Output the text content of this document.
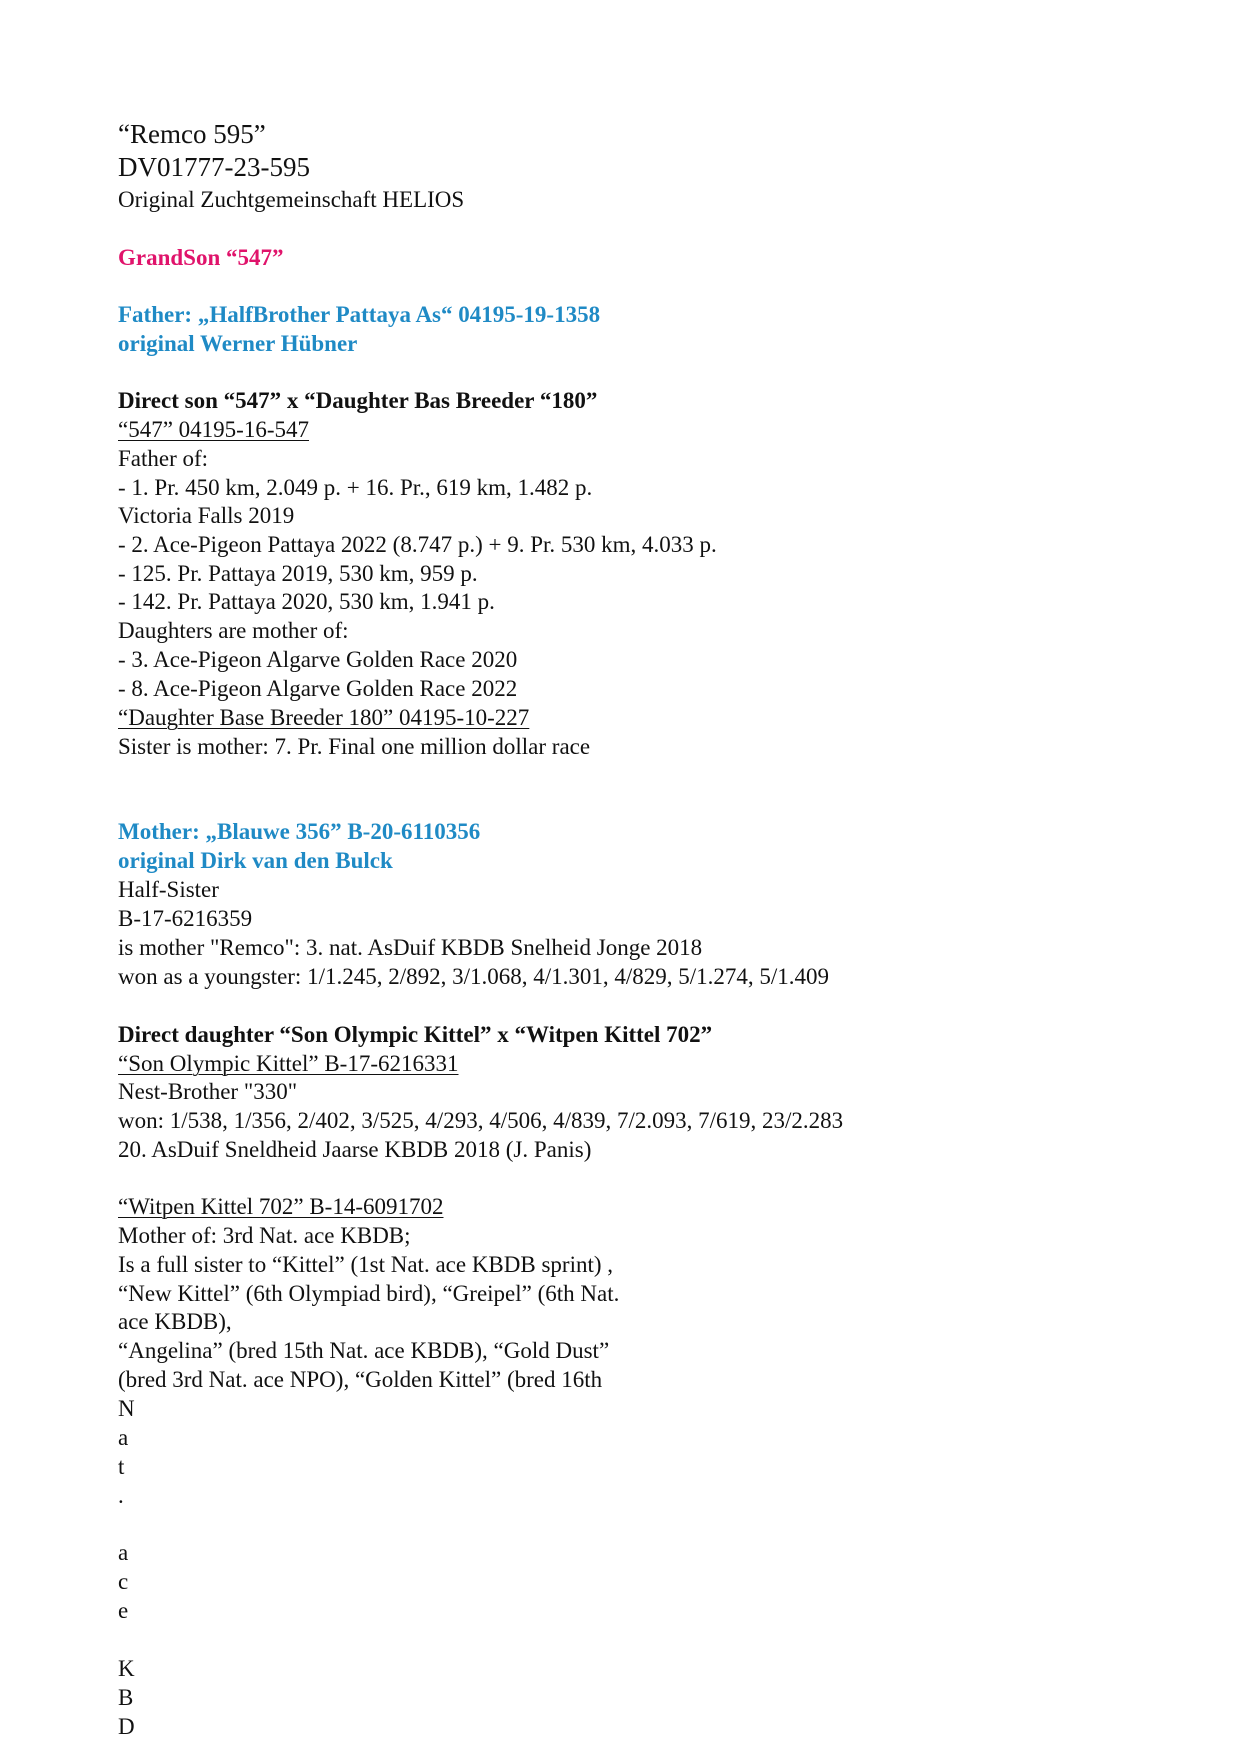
“Remco 595”
DV01777-23-595
Original Zuchtgemeinschaft HELIOS
GrandSon “547”
Father: „HalfBrother Pattaya As“ 04195-19-1358
original Werner Hübner
Direct son “547” x “Daughter Bas Breeder “180”
“547” 04195-16-547
Father of:
- 1. Pr. 450 km, 2.049 p. + 16. Pr., 619 km, 1.482 p.
Victoria Falls 2019
- 2. Ace-Pigeon Pattaya 2022 (8.747 p.) + 9. Pr. 530 km, 4.033 p.
- 125. Pr. Pattaya 2019, 530 km, 959 p.
- 142. Pr. Pattaya 2020, 530 km, 1.941 p.
Daughters are mother of:
- 3. Ace-Pigeon Algarve Golden Race 2020
- 8. Ace-Pigeon Algarve Golden Race 2022
“Daughter Base Breeder 180” 04195-10-227
Sister is mother: 7. Pr. Final one million dollar race
Mother: „Blauwe 356” B-20-6110356
original Dirk van den Bulck
Half-Sister
B-17-6216359
is mother "Remco": 3. nat. AsDuif KBDB Snelheid Jonge 2018
won as a youngster: 1/1.245, 2/892, 3/1.068, 4/1.301, 4/829, 5/1.274, 5/1.409
Direct daughter “Son Olympic Kittel” x “Witpen Kittel 702”
“Son Olympic Kittel” B-17-6216331
Nest-Brother "330"
won: 1/538, 1/356, 2/402, 3/525, 4/293, 4/506, 4/839, 7/2.093, 7/619, 23/2.283
20. AsDuif Sneldheid Jaarse KBDB 2018 (J. Panis)
“Witpen Kittel 702” B-14-6091702
Mother of: 3rd Nat. ace KBDB;
Is a full sister to “Kittel” (1st Nat. ace KBDB sprint) ,
“New Kittel” (6th Olympiad bird), “Greipel” (6th Nat.
ace KBDB),
“Angelina” (bred 15th Nat. ace KBDB), “Gold Dust”
(bred 3rd Nat. ace NPO), “Golden Kittel” (bred 16th
N
a
t
.
a
c
e
K
B
D
